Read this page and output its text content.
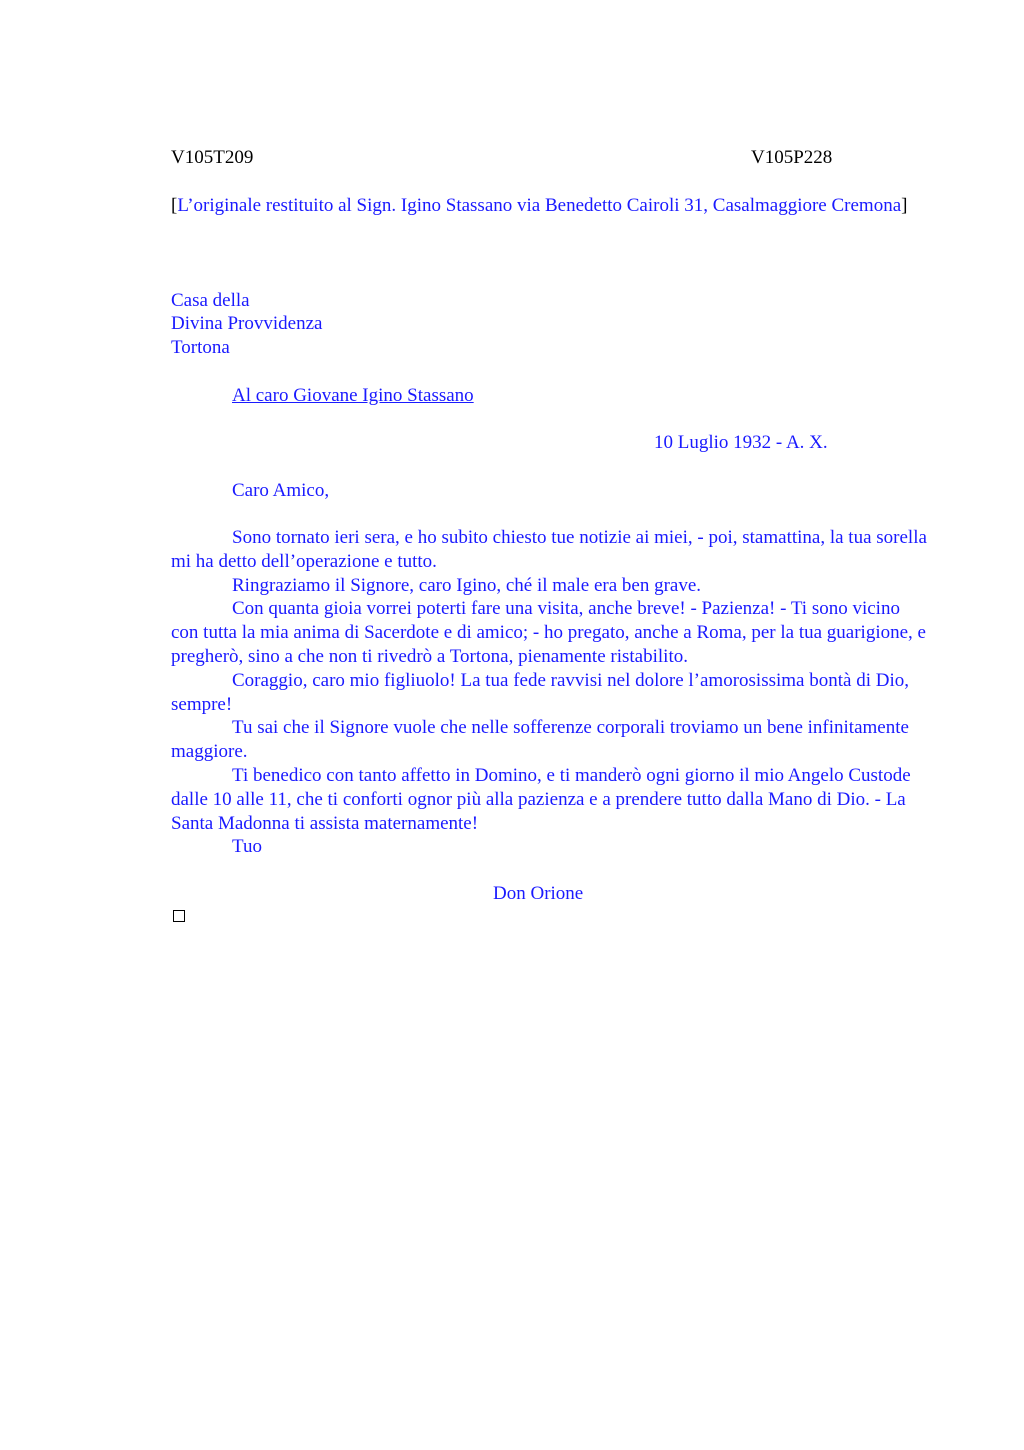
V105T209	V105P228
[L’originale restituito al Sign. Igino Stassano via Benedetto Cairoli 31, Casalmaggiore Cremona]
Casa della
Divina Provvidenza
Tortona
Al caro Giovane Igino Stassano
10 Luglio 1932 - A. X.
Caro Amico,

Sono tornato ieri sera, e ho subito chiesto tue notizie ai miei, - poi, stamattina, la tua sorella mi ha detto dell’operazione e tutto.

Ringraziamo il Signore, caro Igino, ché il male era ben grave.

Con quanta gioia vorrei poterti fare una visita, anche breve! - Pazienza! - Ti sono vicino con tutta la mia anima di Sacerdote e di amico; - ho pregato, anche a Roma, per la tua guarigione, e pregherò, sino a che non ti rivedrò a Tortona, pienamente ristabilito.

Coraggio, caro mio figliuolo! La tua fede ravvisi nel dolore l’amorosissima bontà di Dio, sempre!

Tu sai che il Signore vuole che nelle sofferenze corporali troviamo un bene infinitamente maggiore.

Ti benedico con tanto affetto in Domino, e ti manderò ogni giorno il mio Angelo Custode dalle 10 alle 11, che ti conforti ognor più alla pazienza e a prendere tutto dalla Mano di Dio. - La Santa Madonna ti assista maternamente!

Tuo

Don Orione
